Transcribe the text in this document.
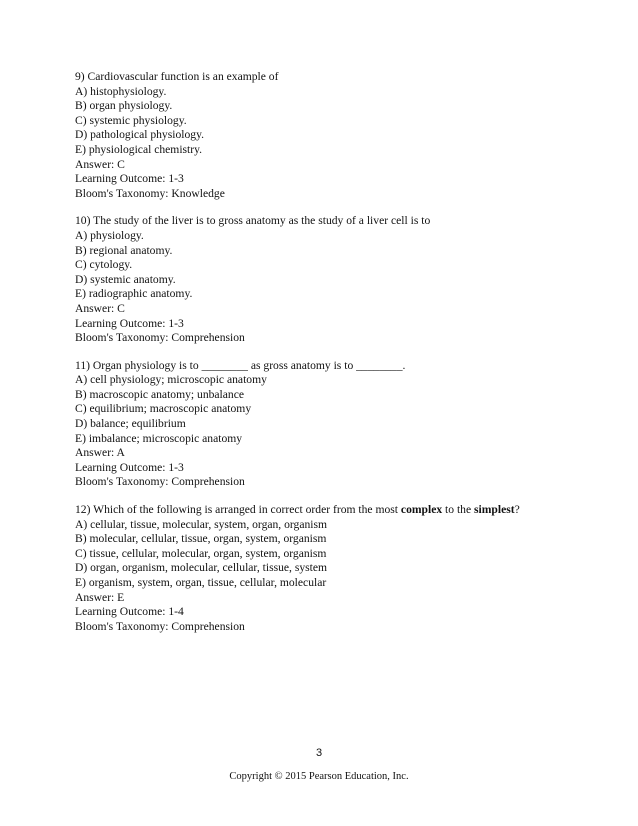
9) Cardiovascular function is an example of
A) histophysiology.
B) organ physiology.
C) systemic physiology.
D) pathological physiology.
E) physiological chemistry.
Answer: C
Learning Outcome: 1-3
Bloom's Taxonomy: Knowledge
10) The study of the liver is to gross anatomy as the study of a liver cell is to
A) physiology.
B) regional anatomy.
C) cytology.
D) systemic anatomy.
E) radiographic anatomy.
Answer: C
Learning Outcome: 1-3
Bloom's Taxonomy: Comprehension
11) Organ physiology is to ________ as gross anatomy is to ________.
A) cell physiology; microscopic anatomy
B) macroscopic anatomy; unbalance
C) equilibrium; macroscopic anatomy
D) balance; equilibrium
E) imbalance; microscopic anatomy
Answer: A
Learning Outcome: 1-3
Bloom's Taxonomy: Comprehension
12) Which of the following is arranged in correct order from the most complex to the simplest?
A) cellular, tissue, molecular, system, organ, organism
B) molecular, cellular, tissue, organ, system, organism
C) tissue, cellular, molecular, organ, system, organism
D) organ, organism, molecular, cellular, tissue, system
E) organism, system, organ, tissue, cellular, molecular
Answer: E
Learning Outcome: 1-4
Bloom's Taxonomy: Comprehension
3
Copyright © 2015 Pearson Education, Inc.
